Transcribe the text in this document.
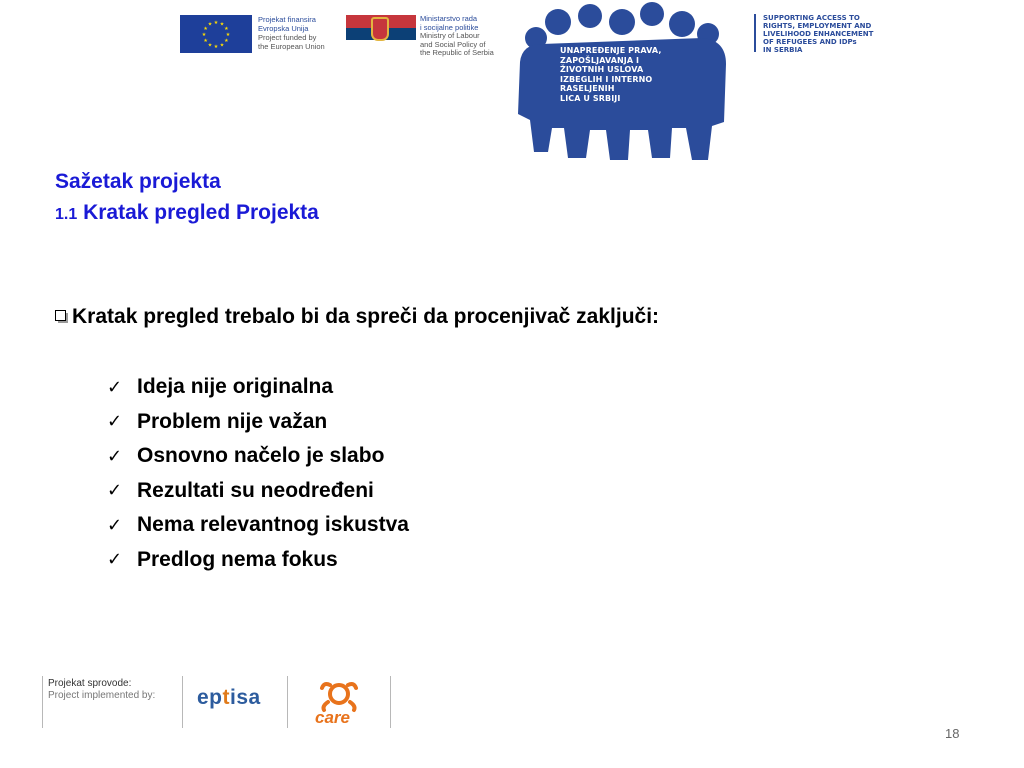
★ ★
★
★
★
★
★
★
★
★
★
★
Projekat finansira
Evropska Unija
Project funded by
the European Union
Ministarstvo rada
i socijalne politike
Ministry of Labour
and Social Policy of
the Republic of Serbia	UNAPREĐENJE PRAVA,
ZAPOŠLJAVANJA I
ŽIVOTNIH USLOVA
IZBEGLIH I INTERNO
RASELJENIH
LICA U SRBIJI
SUPPORTING ACCESS TO
RIGHTS, EMPLOYMENT AND
LIVELIHOOD ENHANCEMENT
OF REFUGEES AND IDPs
IN SERBIA
Sažetak projekta
1.1 Kratak pregled Projekta
Kratak pregled trebalo bi da spreči da procenjivač zaključi:
✓ Ideja nije originalna
✓ Problem nije važan
✓ Osnovno načelo je slabo
✓ Rezultati su neodređeni
✓ Nema relevantnog iskustva
✓ Predlog nema fokus
Projekat sprovode:
Project implemented by: eptisa
care
18
